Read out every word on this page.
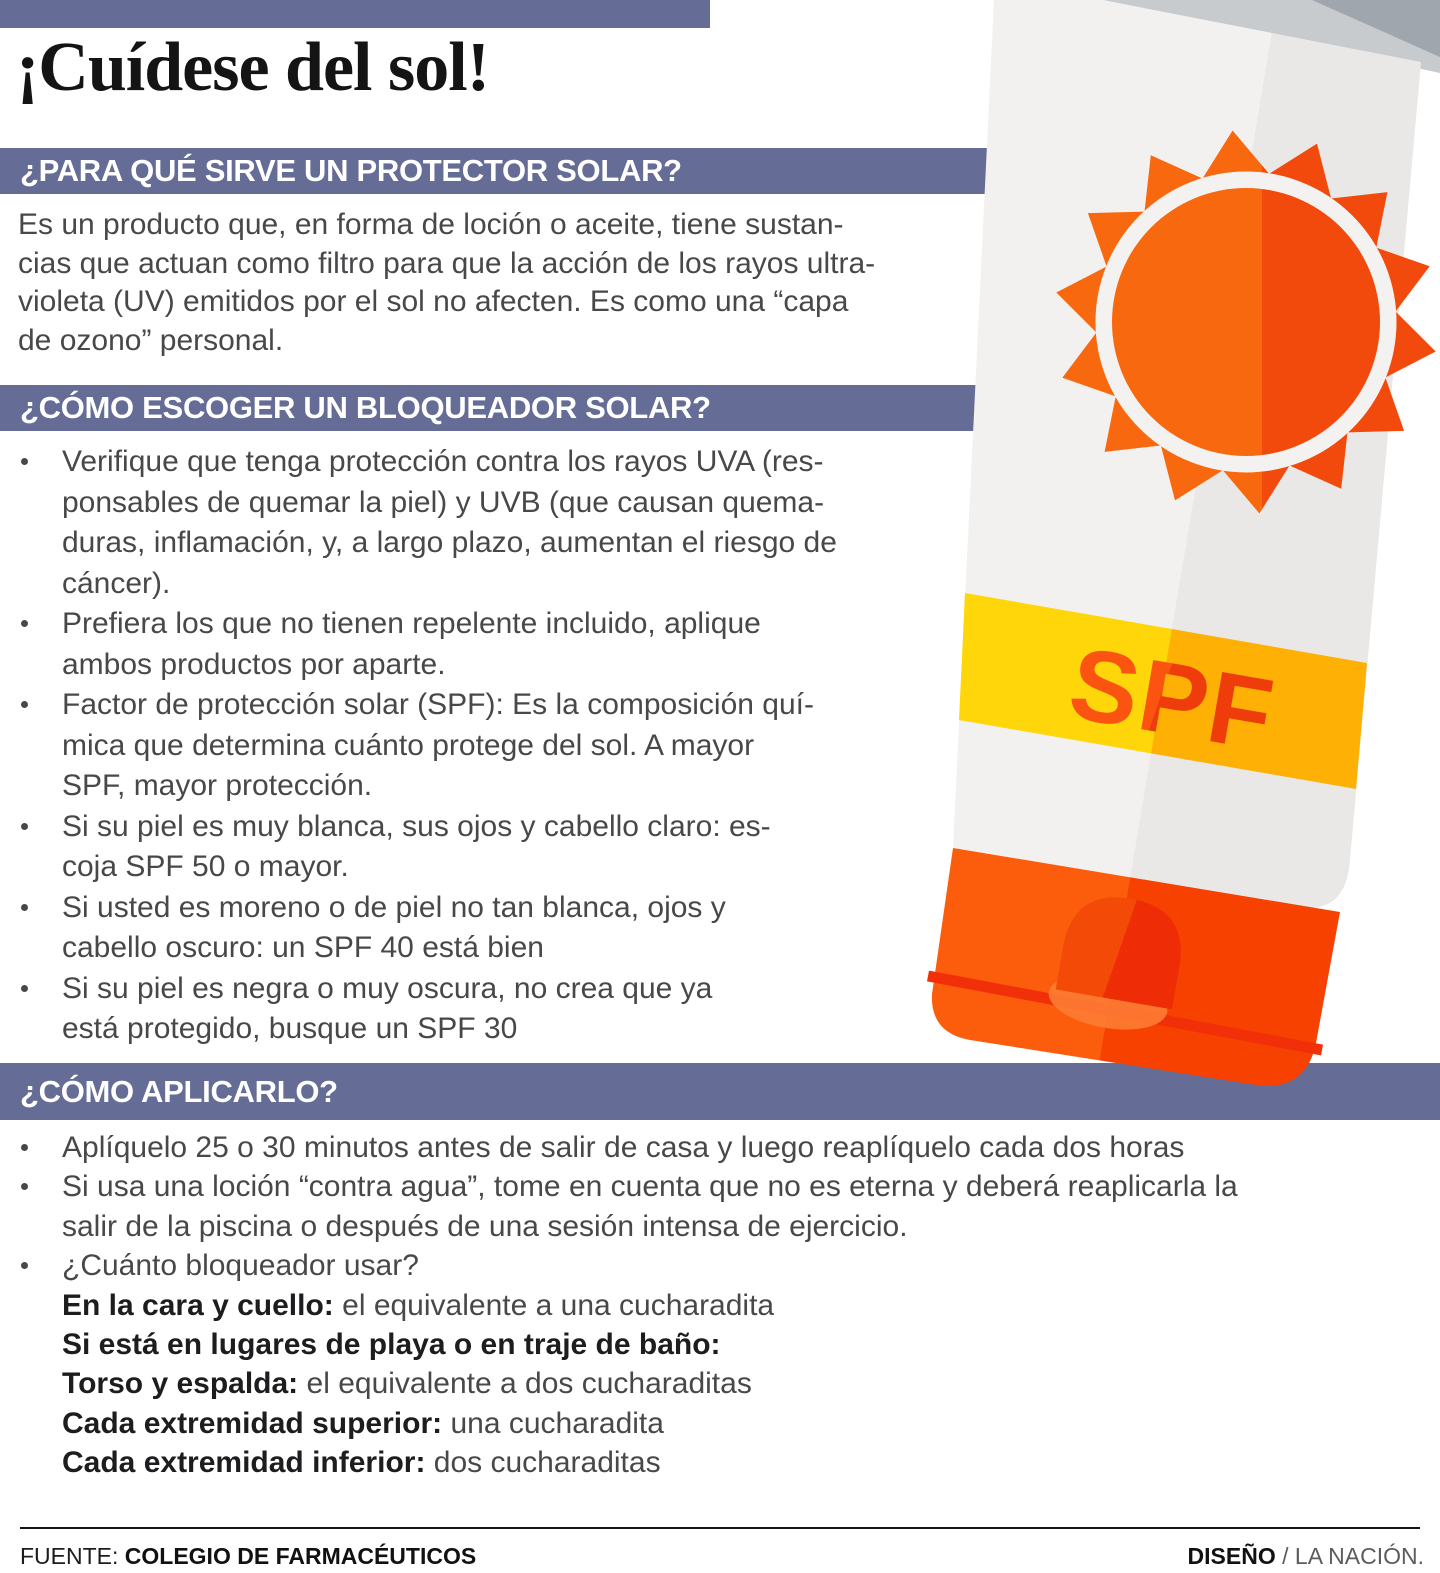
¡Cuídese del sol!
¿PARA QUÉ SIRVE UN PROTECTOR SOLAR?
Es un producto que, en forma de loción o aceite, tiene sustan-
cias que actuan como filtro para que la acción de los rayos ultra-
violeta (UV) emitidos por el sol no afecten. Es como una “capa
de ozono” personal.
¿CÓMO ESCOGER UN BLOQUEADOR SOLAR?
Verifique que tenga protección contra los rayos UVA (res-
ponsables de quemar la piel) y UVB (que causan quema-
duras, inflamación, y, a largo plazo, aumentan el riesgo de
cáncer).
Prefiera los que no tienen repelente incluido, aplique
ambos productos por aparte.
Factor de protección solar (SPF): Es la composición quí-
mica que determina cuánto protege del sol. A mayor
SPF, mayor protección.
Si su piel es muy blanca, sus ojos y cabello claro: es-
coja SPF 50 o mayor.
Si usted es moreno o de piel no tan blanca, ojos y
cabello oscuro: un SPF 40 está bien
Si su piel es negra o muy oscura, no crea que ya
está protegido, busque un SPF 30
¿CÓMO APLICARLO?
Aplíquelo 25 o 30 minutos antes de salir de casa y luego reaplíquelo cada dos horas
Si usa una loción “contra agua”, tome en cuenta que no es eterna y deberá reaplicarla la
salir de la piscina o después de una sesión intensa de ejercicio.
¿Cuánto bloqueador usar?
En la cara y cuello: el equivalente a una cucharadita
Si está en lugares de playa o en traje de baño:
Torso y espalda: el equivalente a dos cucharaditas
Cada extremidad superior: una cucharadita
Cada extremidad inferior: dos cucharaditas
SPF
FUENTE: COLEGIO DE FARMACÉUTICOS	DISEÑO / LA NACIÓN.
